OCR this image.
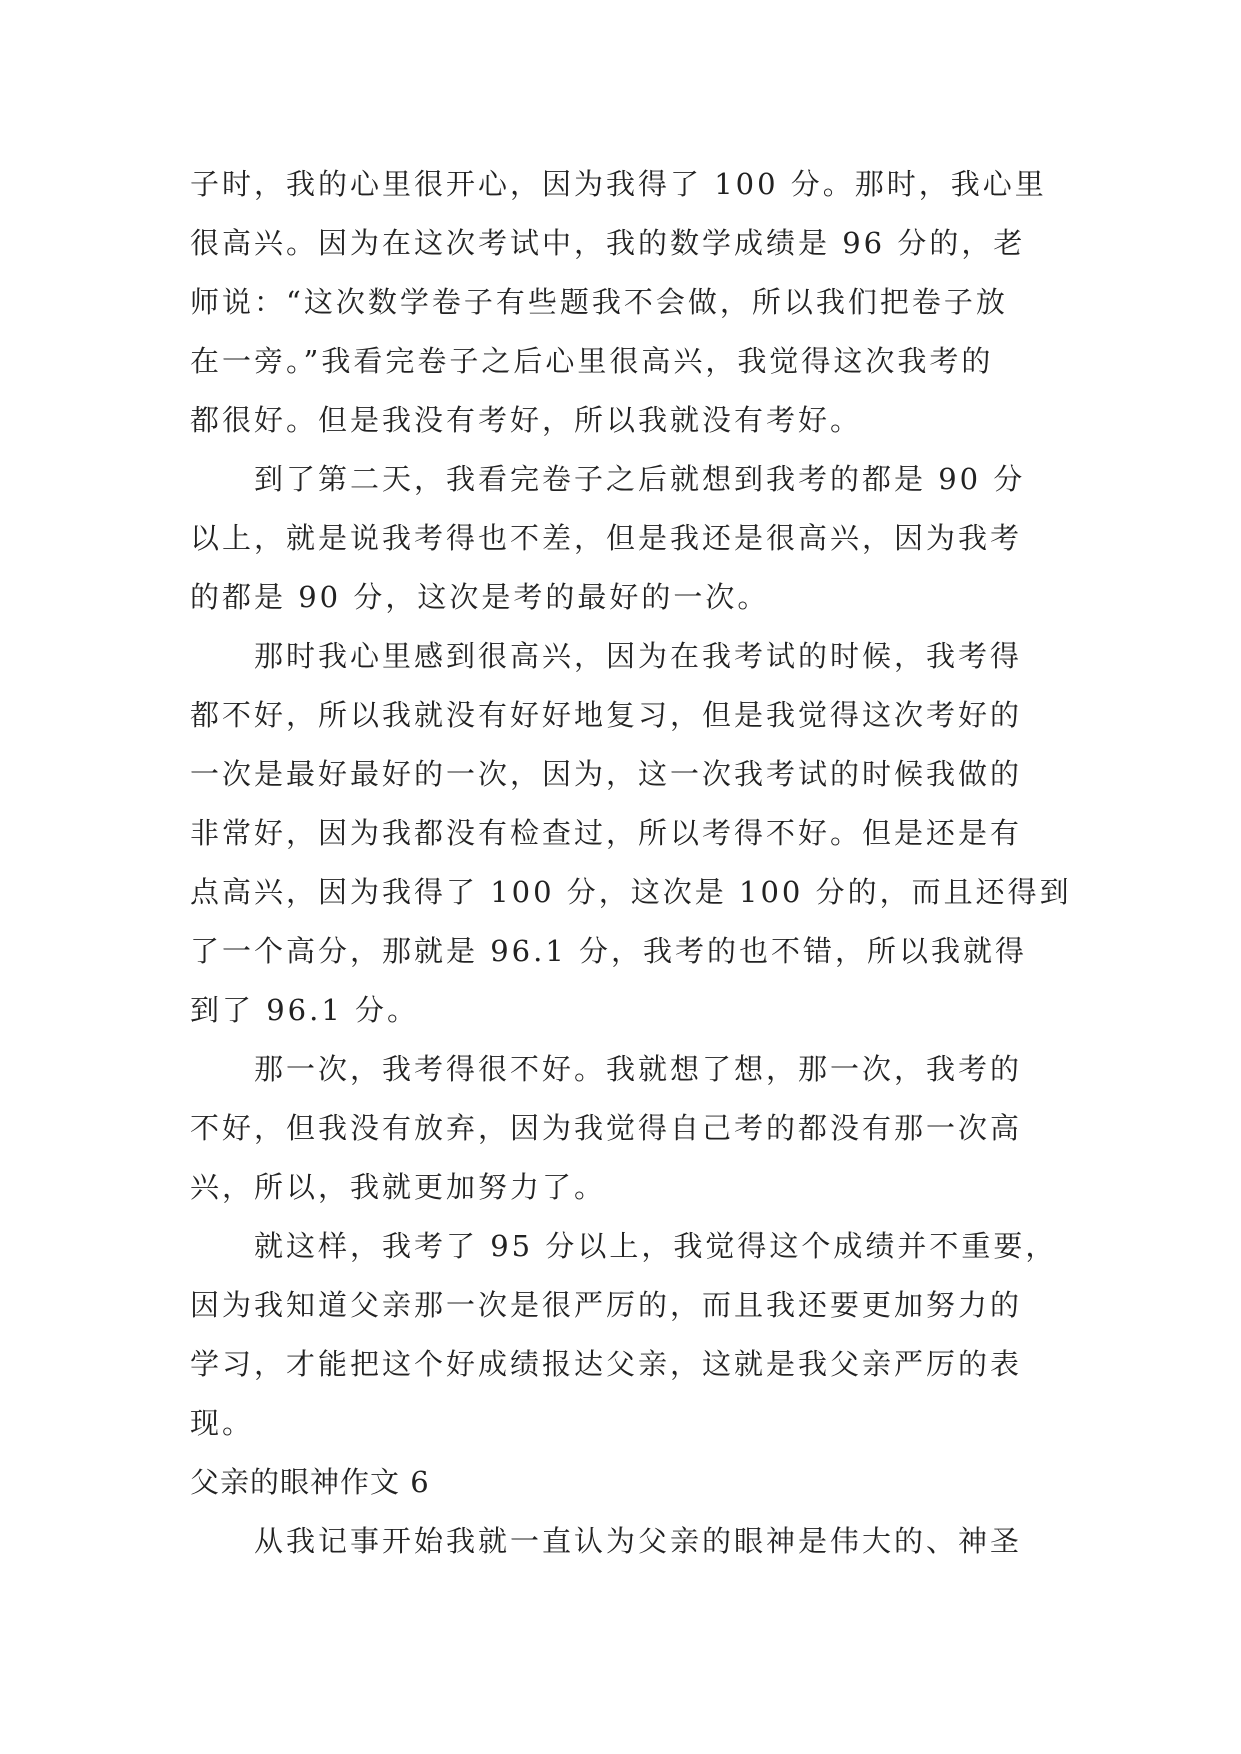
子时，我的心里很开心，因为我得了 100 分。那时，我心里
很高兴。因为在这次考试中，我的数学成绩是 96 分的，老
师说：“这次数学卷子有些题我不会做，所以我们把卷子放
在一旁。”我看完卷子之后心里很高兴，我觉得这次我考的
都很好。但是我没有考好，所以我就没有考好。
到了第二天，我看完卷子之后就想到我考的都是 90 分
以上，就是说我考得也不差，但是我还是很高兴，因为我考
的都是 90 分，这次是考的最好的一次。
那时我心里感到很高兴，因为在我考试的时候，我考得
都不好，所以我就没有好好地复习，但是我觉得这次考好的
一次是最好最好的一次，因为，这一次我考试的时候我做的
非常好，因为我都没有检查过，所以考得不好。但是还是有
点高兴，因为我得了 100 分，这次是 100 分的，而且还得到
了一个高分，那就是 96.1 分，我考的也不错，所以我就得
到了 96.1 分。
那一次，我考得很不好。我就想了想，那一次，我考的
不好，但我没有放弃，因为我觉得自己考的都没有那一次高
兴，所以，我就更加努力了。
就这样，我考了 95 分以上，我觉得这个成绩并不重要，
因为我知道父亲那一次是很严厉的，而且我还要更加努力的
学习，才能把这个好成绩报达父亲，这就是我父亲严厉的表
现。
父亲的眼神作文 6
从我记事开始我就一直认为父亲的眼神是伟大的、神圣
